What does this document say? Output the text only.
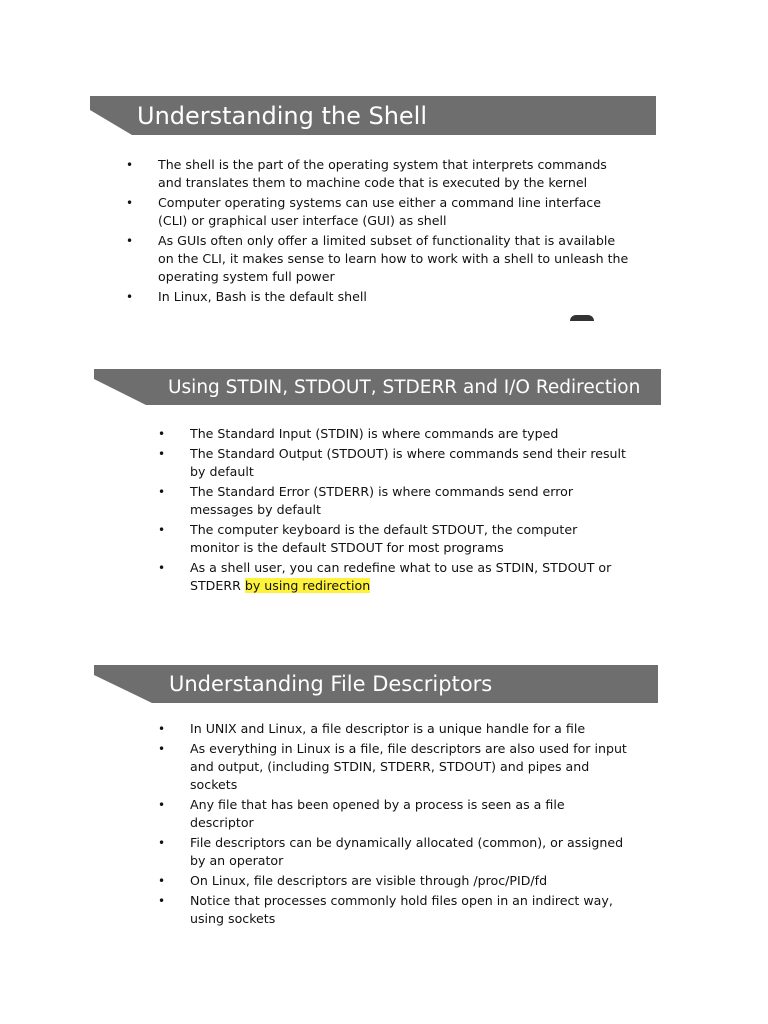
Understanding the Shell
• The shell is the part of the operating system that interprets commands and translates them to machine code that is executed by the kernel
• Computer operating systems can use either a command line interface (CLI) or graphical user interface (GUI) as shell
• As GUIs often only offer a limited subset of functionality that is available on the CLI, it makes sense to learn how to work with a shell to unleash the operating system full power
• In Linux, Bash is the default shell
Using STDIN, STDOUT, STDERR and I/O Redirection
• The Standard Input (STDIN) is where commands are typed
• The Standard Output (STDOUT) is where commands send their result by default
• The Standard Error (STDERR) is where commands send error messages by default
• The computer keyboard is the default STDOUT, the computer monitor is the default STDOUT for most programs
• As a shell user, you can redefine what to use as STDIN, STDOUT or STDERR by using redirection
Understanding File Descriptors
• In UNIX and Linux, a file descriptor is a unique handle for a file
• As everything in Linux is a file, file descriptors are also used for input and output, (including STDIN, STDERR, STDOUT) and pipes and sockets
• Any file that has been opened by a process is seen as a file descriptor
• File descriptors can be dynamically allocated (common), or assigned by an operator
• On Linux, file descriptors are visible through /proc/PID/fd
• Notice that processes commonly hold files open in an indirect way, using sockets
